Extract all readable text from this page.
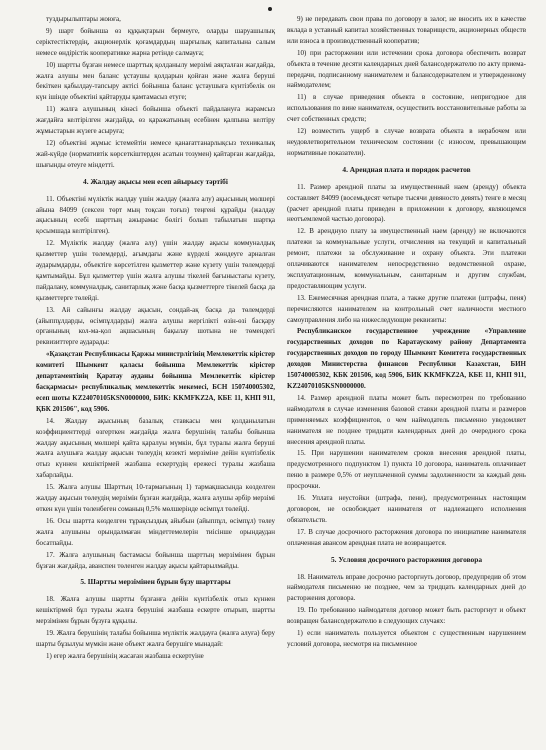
туздырылыптары жоюға,

9) шарт бойынша өз құқықтарын бермеуге, оларды шаруашылық серіктестіктердің, акционерлік қоғамдардың шарғылық капиталына салым немесе өндірістік кооперативке жарна ретінде салмауға;

10) шартты бұзған немесе шарттық қолданылу мерзімі аяқталған жағдайда, жалға алушы мен баланс ұстаушы қолдарын қойған және жалға беруші бекіткен қабылдау-тапсыру актісі бойынша баланс ұстаушыға күнтізбелік он күн ішінде объектіні қайтаруды қамтамасыз етуге;

11) жалға алушының кінәсі бойынша объекті пайдалануға жарамсыз жағдайға келтірілген жағдайда, өз қаражатының есебінен қалпына келтіру жұмыстарын жүзеге асыруға;

12) объектіні жұмыс істемейтін немесе қанағаттанарлықсыз техникалық жай-күйде (нормативтік көрсеткіштерден асатын тозумен) қайтарған жағдайда, шығынды өтеуге міндетті.

4. Жалдау ақысы мен есеп айырысу тәртібі

11. Объектіні мүліктік жалдау үшін жалдау (жалға алу) ақысының мөлшері айына 84099 (сексен төрт мың тоқсан тоғыз) теңгені құрайды (жалдау ақысының есебі шарттың ажырамас бөлігі болып табылатын шартқа қосымшада келтірілген).

12. Мүліктік жалдау (жалға алу) үшін жалдау ақысы коммуналдық қызметтер үшін төлемдерді, ағымдағы және күрделі жөндеуге арналған аударымдарды, объектіге көрсетілген қызметтер және күзету үшін төлемдерді қамтымайды. Бұл қызметтер үшін жалға алушы тікелей бағыныстағы күзету, пайдалану, коммуналдық, санитарлық және басқа қызметтерге тікелей басқа да қызметтерге төлейді.

13. Ай сайынғы жалдау ақысын, сондай-ақ басқа да төлемдерді (айыппұлдарды, өсімпұлдарды) жалға алушы жергілікті өзін-өзі басқару органының кол-ма-қол ақшасының бақылау шотына не төмендегі реквизиттерге аударады:

«Қазақстан Республикасы Қаржы министрлігінің Мемлекеттік кірістер комитеті Шымкент қаласы бойынша Мемлекеттік кірістер департаментінің Қаратау ауданы бойынша Мемлекеттік кірістер басқармасы» республикалық мемлекеттік мекемесі, БСН 150740005302, есеп шоты KZ24070105KSN0000000, БИК: KKMFKZ2A, КБЕ 11, КНП 911, ҚБК 201506", код 5906.

14. Жалдау ақысының базалық ставкасы мен қолданылатын коэффициенттерді өзгерткен жағдайда жалға берушінің талабы бойынша жалдау ақысының мөлшері қайта қаралуы мүмкін, бұл туралы жалға беруші жалға алушыға жалдау ақысын төлеудің кезекті мерзіміне дейін күнтізбелік отыз күннен кешіктірмей жазбаша ескертудің ережесі туралы жазбаша хабарлайды.

15. Жалға алушы Шарттың 10-тармағының 1) тармақшасында көзделген жалдау ақысын төлеудің мерзімін бұзған жағдайда, жалға алушы әрбір мерзімі өткен күн үшін төленбеген соманың 0,5% мөлшерінде өсімпұл төлейді.

16. Осы шартта көзделген тұрақсыздық айыбын (айыппұл, өсімпұл) төлеу жалға алушыны орындалмаған міндеттемелерін тиісінше орындаудан босатпайды.

17. Жалға алушының бастамасы бойынша шарттың мерзімінен бұрын бұзған жағдайда, аванспен төленген жалдау ақысы қайтарылмайды.

5. Шартты мерзімінен бұрын бұзу шарттары

18. Жалға алушы шартты бұзғанға дейін күнтізбелік отыз күннен кешіктірмей бұл туралы жалға берушіні жазбаша ескерте отырып, шартты мерзімінен бұрын бұзуға құқылы.

19. Жалға берушінің талабы бойынша мүліктік жалдауға (жалға алуға) беру шарты бұзылуы мүмкін және объект жалға берушіге мынадай:

1) егер жалға берушінің жасаған жазбаша ескертуіне

9) не передавать свои права по договору в залог, не вносить их в качестве вклада в уставный капитал хозяйственных товариществ, акционерных обществ или взноса в производственный кооператив;

10) при расторжении или истечении срока договора обеспечить возврат объекта в течение десяти календарных дней балансодержателю по акту приема-передачи, подписанному нанимателем и балансодержателем и утвержденному наймодателем;

11) в случае приведения объекта в состояние, непригодное для использования по вине нанимателя, осуществить восстановительные работы за счет собственных средств;

12) возместить ущерб в случае возврата объекта в нерабочем или неудовлетворительном техническом состоянии (с износом, превышающим нормативные показатели).

4. Арендная плата и порядок расчетов

11. Размер арендной платы за имущественный наем (аренду) объекта составляет 84099 (восемьдесят четыре тысячи девяносто девять) тенге в месяц (расчет арендной платы приведен в приложении к договору, являющемся неотъемлемой частью договора).

12. В арендную плату за имущественный наем (аренду) не включаются платежи за коммунальные услуги, отчисления на текущий и капитальный ремонт, платежи за обслуживание и охрану объекта. Эти платежи оплачиваются нанимателем непосредственно ведомственной охране, эксплуатационным, коммунальным, санитарным и другим службам, предоставляющим услуги.

13. Ежемесячная арендная плата, а также другие платежи (штрафы, пеня) перечисляются нанимателем на контрольный счет наличности местного самоуправления либо на нижеследующие реквизиты:

Республиканское государственное учреждение «Управление государственных доходов по Каратаускому району Департамента государственных доходов по городу Шымкент Комитета государственных доходов Министерства финансов Республики Казахстан, БИН 150740005302, КБК 201506, код 5906, БИК KKMFKZ2A, КБЕ 11, КНП 911, KZ24070105KSN0000000.

14. Размер арендной платы может быть пересмотрен по требованию наймодателя в случае изменения базовой ставки арендной платы и размеров применяемых коэффициентов, о чем наймодатель письменно уведомляет нанимателя не позднее тридцати календарных дней до очередного срока внесения арендной платы.

15. При нарушении нанимателем сроков внесения арендной платы, предусмотренного подпунктом 1) пункта 10 договора, наниматель оплачивает пеню в размере 0,5% от неуплаченной суммы задолженности за каждый день просрочки.

16. Уплата неустойки (штрафа, пени), предусмотренных настоящим договором, не освобождает нанимателя от надлежащего исполнения обязательств.

17. В случае досрочного расторжения договора по инициативе нанимателя оплаченная авансом арендная плата не возвращается.

5. Условия досрочного расторжения договора

18. Наниматель вправе досрочно расторгнуть договор, предупредив об этом наймодателя письменно не позднее, чем за тридцать календарных дней до расторжения договора.

19. По требованию наймодателя договор может быть расторгнут и объект возвращен балансодержателю в следующих случаях:

1) если наниматель пользуется объектом с существенным нарушением условий договора, несмотря на письменное
